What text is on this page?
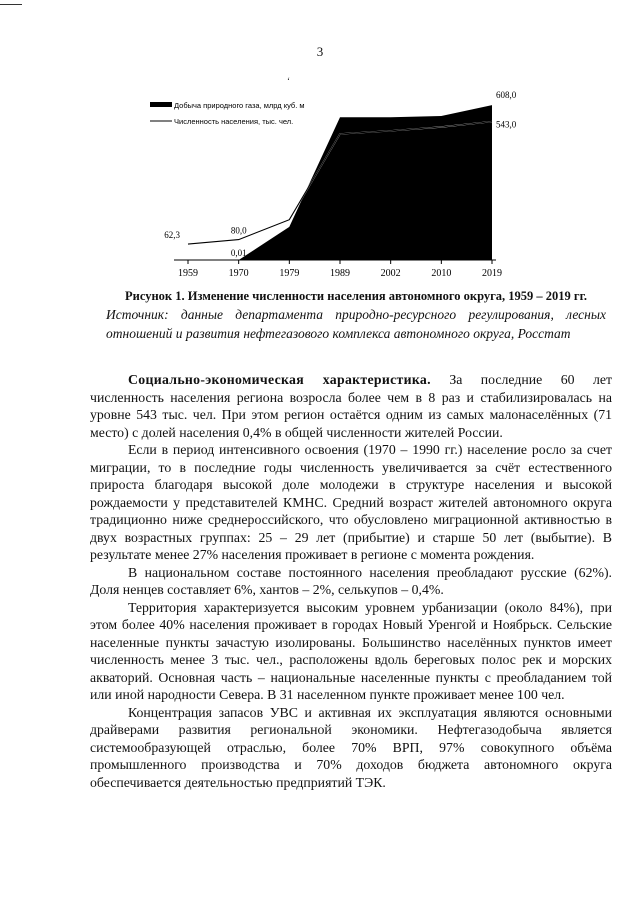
3
‘
1959	1970	1979	1989	2002	2010	2019
62,3	80,0
0,01
608,0
543,0
Добыча природного газа, млрд куб. м
Численность населения, тыс. чел.
Рисунок 1. Изменение численности населения автономного округа, 1959 – 2019 гг.
Источник: данные департамента природно-ресурсного регулирования, лесных отношений и развития нефтегазового комплекса автономного округа, Росстат

Социально-экономическая характеристика. За последние 60 лет численность населения региона возросла более чем в 8 раз и стабилизировалась на уровне 543 тыс. чел. При этом регион остаётся одним из самых малонаселённых (71 место) с долей населения 0,4% в общей численности жителей России.

Если в период интенсивного освоения (1970 – 1990 гг.) население росло за счет миграции, то в последние годы численность увеличивается за счёт естественного прироста благодаря высокой доле молодежи в структуре населения и высокой рождаемости у представителей КМНС. Средний возраст жителей автономного округа традиционно ниже среднероссийского, что обусловлено миграционной активностью в двух возрастных группах: 25 – 29 лет (прибытие) и старше 50 лет (выбытие). В результате менее 27% населения проживает в регионе с момента рождения.

В национальном составе постоянного населения преобладают русские (62%). Доля ненцев составляет 6%, хантов – 2%, селькупов – 0,4%.

Территория характеризуется высоким уровнем урбанизации (около 84%), при этом более 40% населения проживает в городах Новый Уренгой и Ноябрьск. Сельские населенные пункты зачастую изолированы. Большинство населённых пунктов имеет численность менее 3 тыс. чел., расположены вдоль береговых полос рек и морских акваторий. Основная часть – национальные населенные пункты с преобладанием той или иной народности Севера. В 31 населенном пункте проживает менее 100 чел.

Концентрация запасов УВС и активная их эксплуатация являются основными драйверами развития региональной экономики. Нефтегазодобыча является системообразующей отраслью, более 70% ВРП, 97% совокупного объёма промышленного производства и 70% доходов бюджета автономного округа обеспечивается деятельностью предприятий ТЭК.
